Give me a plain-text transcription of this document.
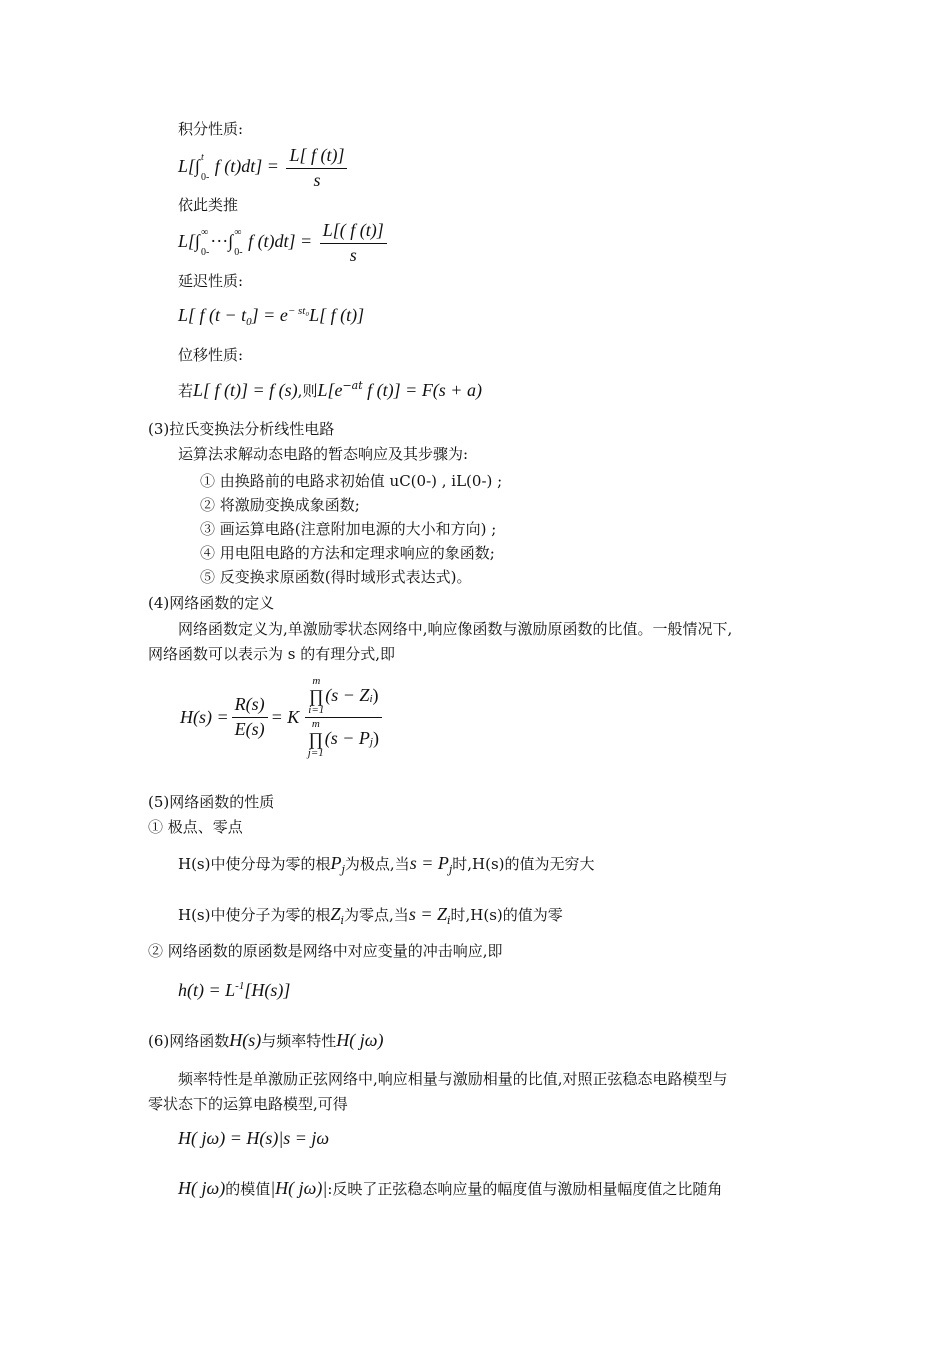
积分性质:
L[∫ t
0-
f $(t)dt] = \frac{L[ f (t)]}{s}$
依此类推
L[∫ ∞
0-
···∫ ∞
0-
f $(t)dt] = \frac{L[( f (t)]}{s}$
延迟性质:
L[ f $(t - t_0] = e^{- st_0}L$[ f (t)]
位移性质:
若L[ f (t)] = f (s),则$L[e^{-at}$ f (t)] = F(s + a)
(3)拉氏变换法分析线性电路
运算法求解动态电路的暂态响应及其步骤为:
① 由换路前的电路求初始值 uC(0-) , iL(0-) ;
② 将激励变换成象函数;
③ 画运算电路(注意附加电源的大小和方向) ;
④ 用电阻电路的方法和定理求响应的象函数;
⑤ 反变换求原函数(得时域形式表达式)。
(4)网络函数的定义
网络函数定义为,单激励零状态网络中,响应像函数与激励原函数的比值。一般情况下,
网络函数可以表示为 s 的有理分式,即
$H(s) = \frac{R(s)}{E(s)} = K$ m
∏
i=1
(s − Z i )
m
∏
j=1
(s − P j )
(5)网络函数的性质
① 极点、零点
H(s)中使分母为零的根$P_j$为极点,当$s = P_j$时,H(s)的值为无穷大
H(s)中使分子为零的根$Z_i$为零点,当$s = Z_i$时,H(s)的值为零
② 网络函数的原函数是网络中对应变量的冲击响应,即
$h(t) = L^{-1}[H(s)]$
(6)网络函数H(s)与频率特性H( jω)
频率特性是单激励正弦网络中,响应相量与激励相量的比值,对照正弦稳态电路模型与
零状态下的运算电路模型,可得
H( jω) = H(s)|s = jω
H( jω)的模值|H( jω)|:反映了正弦稳态响应量的幅度值与激励相量幅度值之比随角
